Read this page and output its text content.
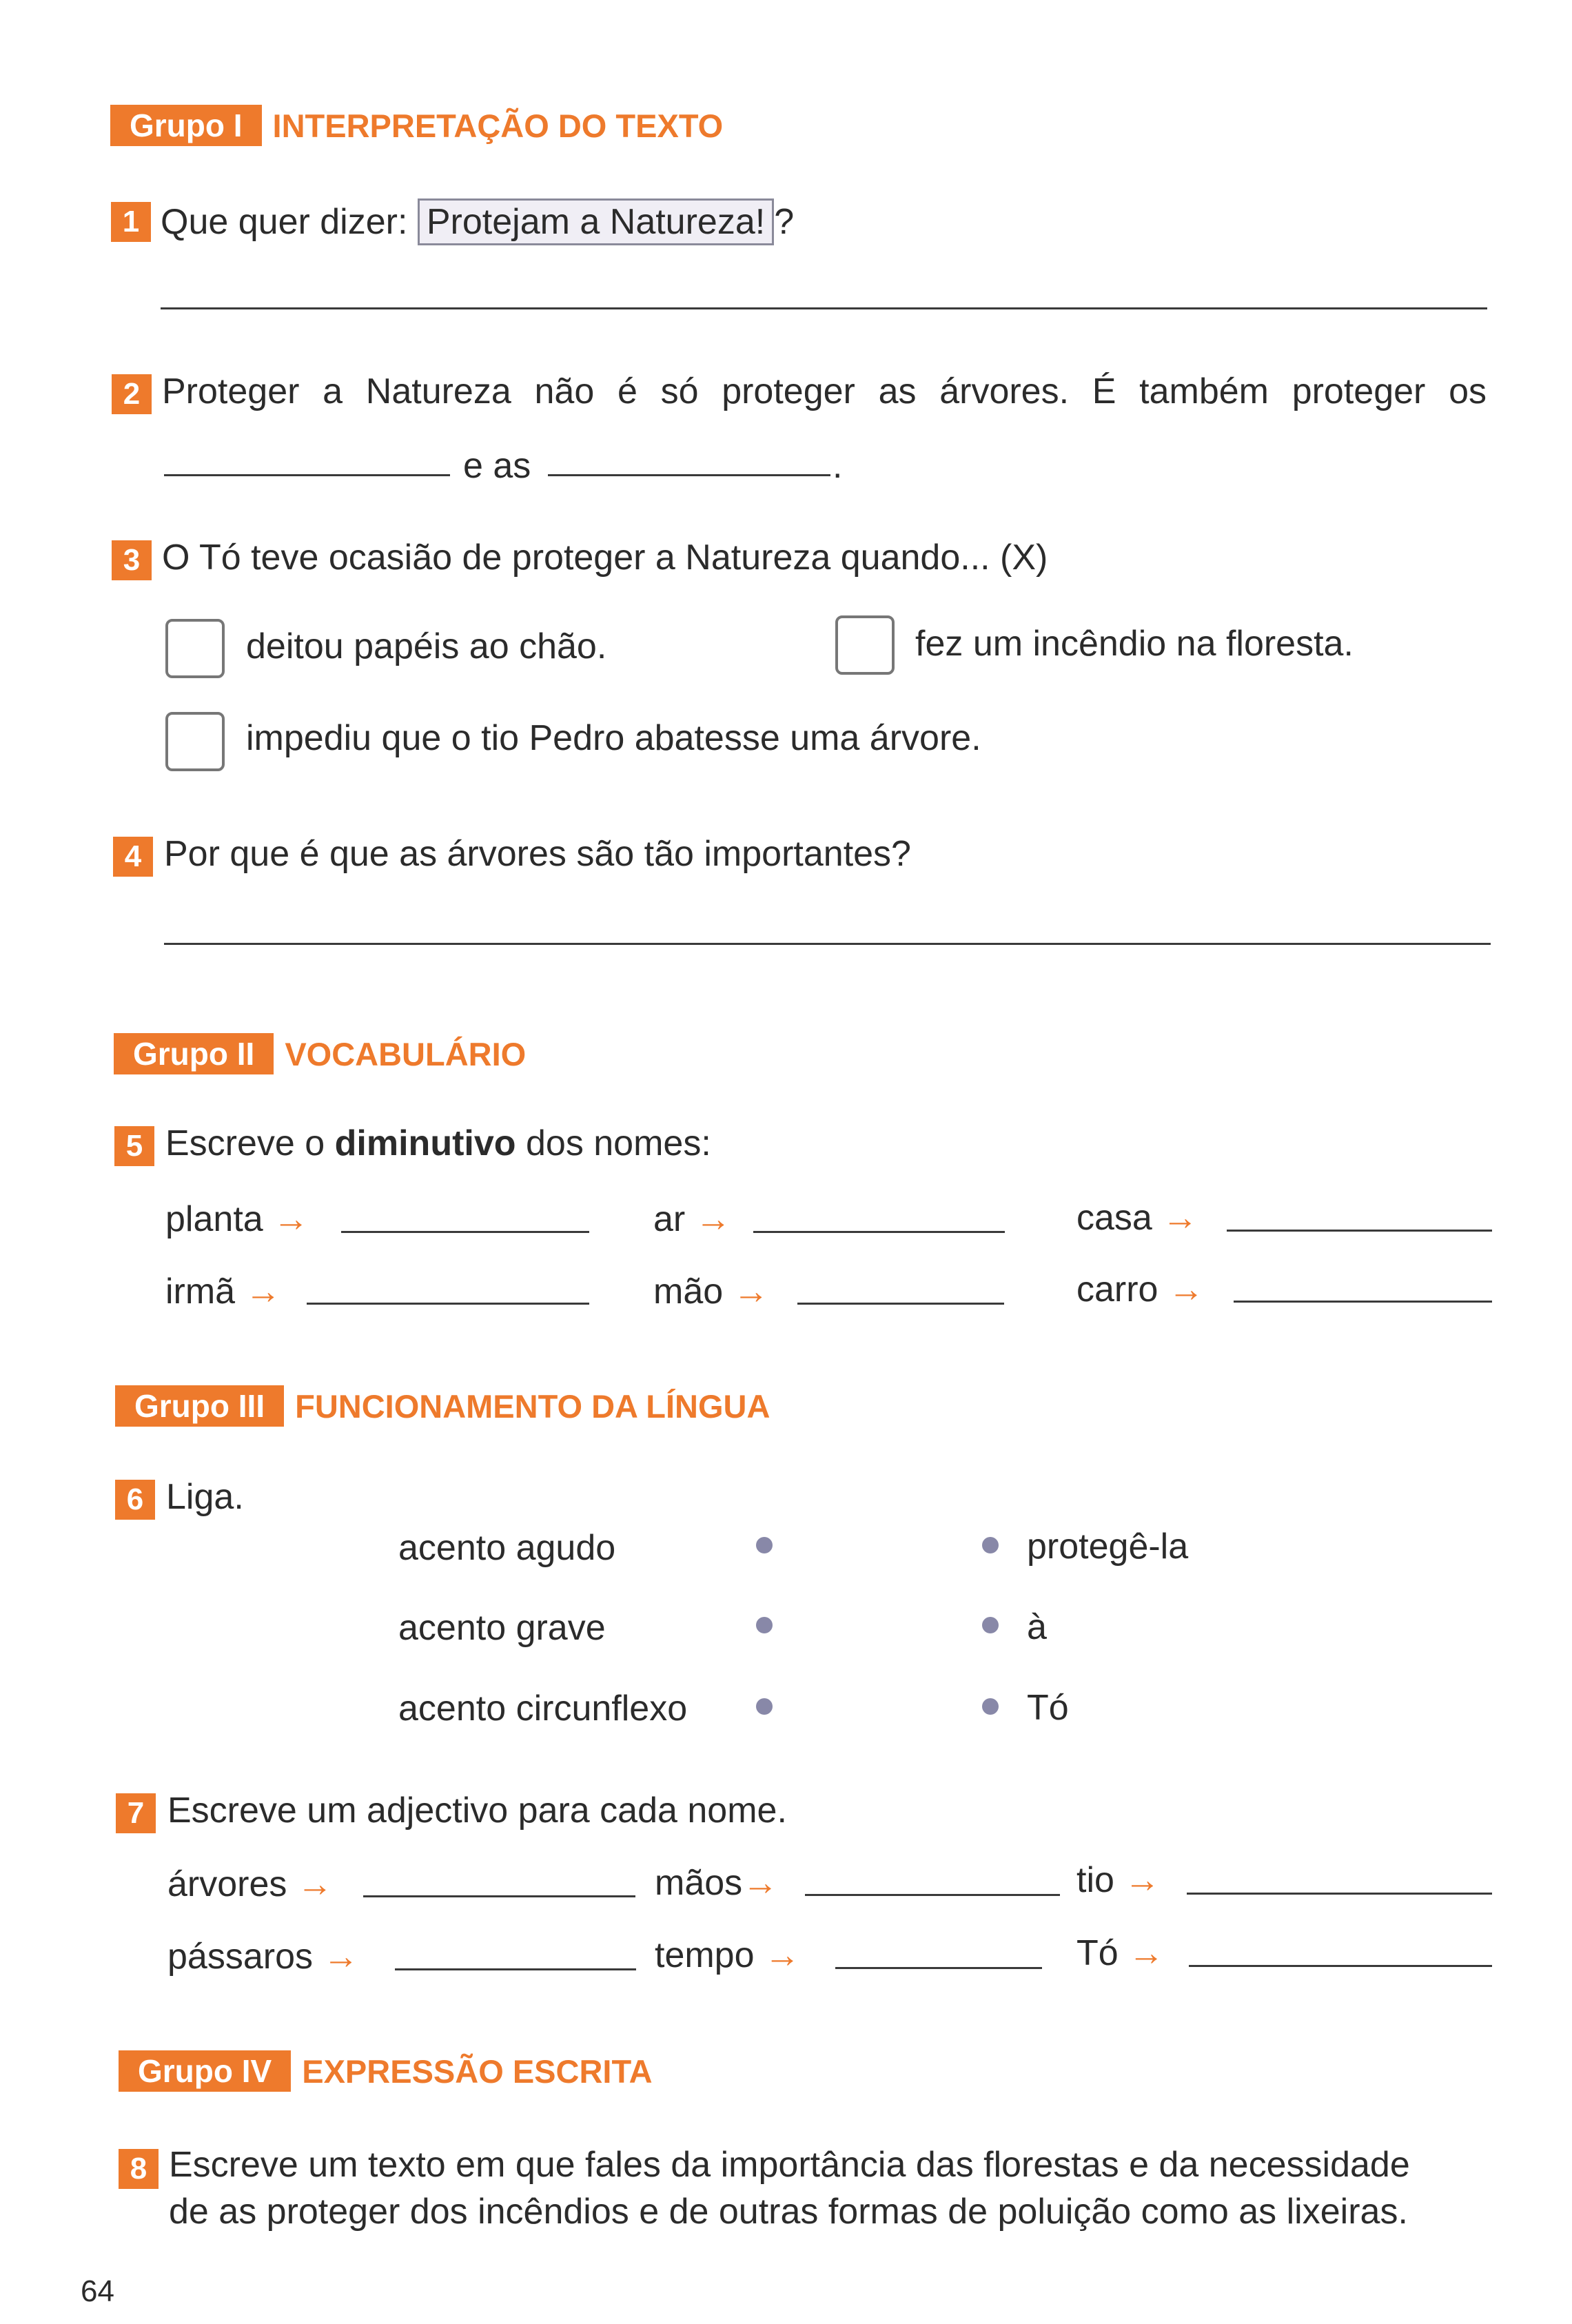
Grupo I INTERPRETAÇÃO DO TEXTO
1 Que quer dizer: Protejam a Natureza! ?
2 Proteger a Natureza não é só proteger as árvores. É também proteger os
e as	.
3 O Tó teve ocasião de proteger a Natureza quando... (X)
deitou papéis ao chão.	fez um incêndio na floresta.
impediu que o tio Pedro abatesse uma árvore.
4 Por que é que as árvores são tão importantes?
Grupo II VOCABULÁRIO
5 Escreve o diminutivo dos nomes:
planta →	ar →	casa →
irmã →	mão →	carro →
Grupo III FUNCIONAMENTO DA LÍNGUA
6 Liga.
acento agudo	protegê-la
acento grave	à
acento circunflexo	Tó
7 Escreve um adjectivo para cada nome.
árvores →	mãos→	tio →
pássaros →	tempo →	Tó →
Grupo IV EXPRESSÃO ESCRITA
8 Escreve um texto em que fales da importância das florestas e da necessidade
de as proteger dos incêndios e de outras formas de poluição como as lixeiras.
64
